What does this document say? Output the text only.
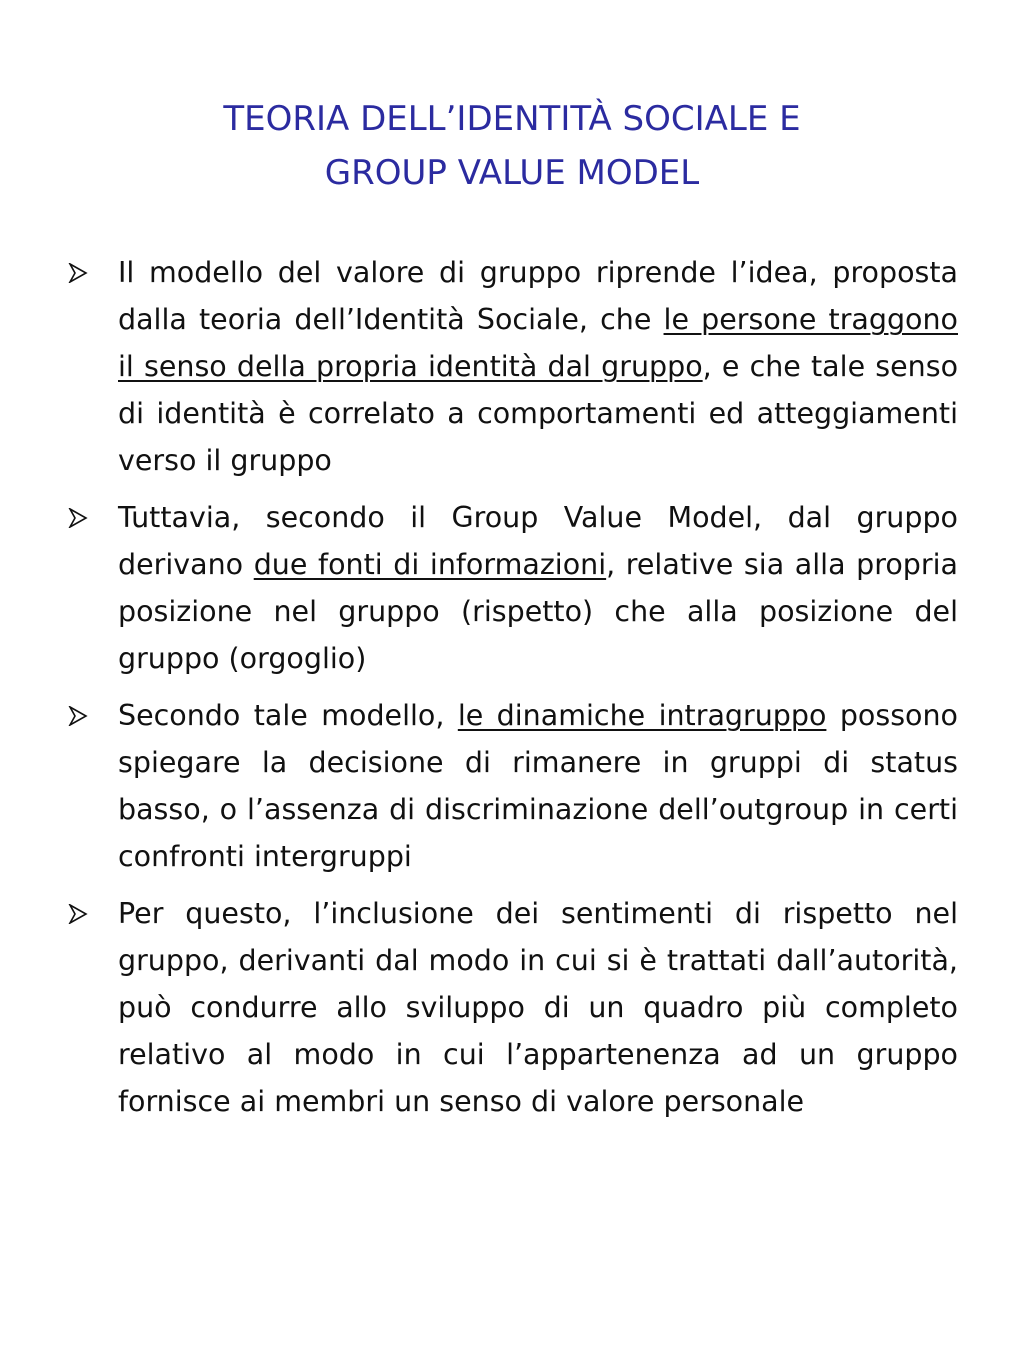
TEORIA DELL’IDENTITÀ SOCIALE E
GROUP VALUE MODEL
Il modello del valore di gruppo riprende l’idea, proposta dalla teoria dell’Identità Sociale, che le persone traggono il senso della propria identità dal gruppo, e che tale senso di identità è correlato a comportamenti ed atteggiamenti verso il gruppo
Tuttavia, secondo il Group Value Model, dal gruppo derivano due fonti di informazioni, relative sia alla propria posizione nel gruppo (rispetto) che alla posizione del gruppo (orgoglio)
Secondo tale modello, le dinamiche intragruppo possono spiegare la decisione di rimanere in gruppi di status basso, o l’assenza di discriminazione dell’outgroup in certi confronti intergruppi
Per questo, l’inclusione dei sentimenti di rispetto nel gruppo, derivanti dal modo in cui si è trattati dall’autorità, può condurre allo sviluppo di un quadro più completo relativo al modo in cui l’appartenenza ad un gruppo fornisce ai membri un senso di valore personale
